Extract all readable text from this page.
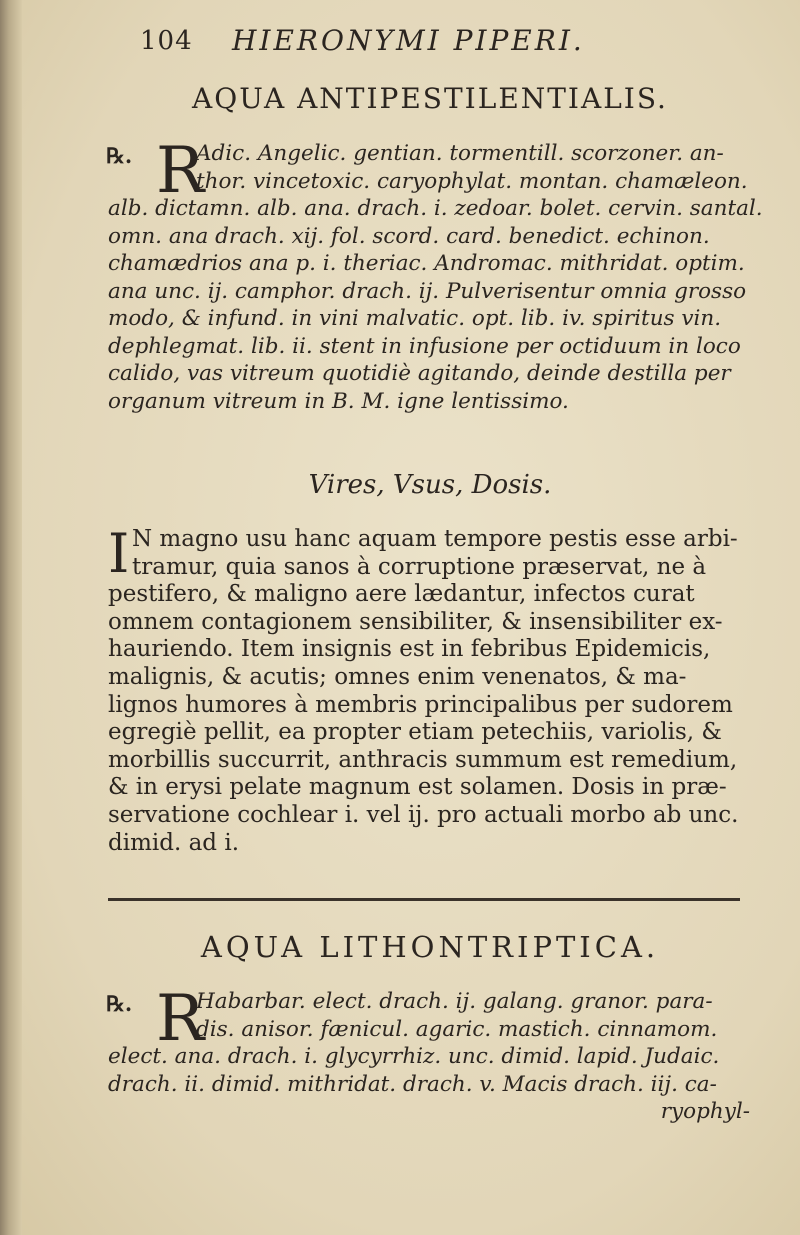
104 HIERONYMI PIPERI.
AQUA ANTIPESTILENTIALIS.
℞. R
Adic. Angelic. gentian. tormentill. scorzoner. an-
thor. vincetoxic. caryophylat. montan. chamæleon.
alb. dictamn. alb. ana. drach. i. zedoar. bolet. cervin. santal.
omn. ana drach. xij. fol. scord. card. benedict. echinon.
chamædrios ana p. i. theriac. Andromac. mithridat. optim.
ana unc. ij. camphor. drach. ij. Pulverisentur omnia grosso
modo, & infund. in vini malvatic. opt. lib. iv. spiritus vin.
dephlegmat. lib. ii. stent in infusione per octiduum in loco
calido, vas vitreum quotidiè agitando, deinde destilla per
organum vitreum in B. M. igne lentissimo.
Vires, Vsus, Dosis.
I N magno usu hanc aquam tempore pestis esse arbi-
tramur, quia sanos à corruptione præservat, ne à
pestifero, & maligno aere lædantur, infectos curat
omnem contagionem sensibiliter, & insensibiliter ex-
hauriendo. Item insignis est in febribus Epidemicis,
malignis, & acutis; omnes enim venenatos, & ma-
lignos humores à membris principalibus per sudorem
egregiè pellit, ea propter etiam petechiis, variolis, &
morbillis succurrit, anthracis summum est remedium,
& in erysi pelate magnum est solamen. Dosis in præ-
servatione cochlear i. vel ij. pro actuali morbo ab unc.
dimid. ad i.
AQUA LITHONTRIPTICA.
℞. R
Habarbar. elect. drach. ij. galang. granor. para-
dis. anisor. fænicul. agaric. mastich. cinnamom.
elect. ana. drach. i. glycyrrhiz. unc. dimid. lapid. Judaic.
drach. ii. dimid. mithridat. drach. v. Macis drach. iij. ca-
ryophyl-
